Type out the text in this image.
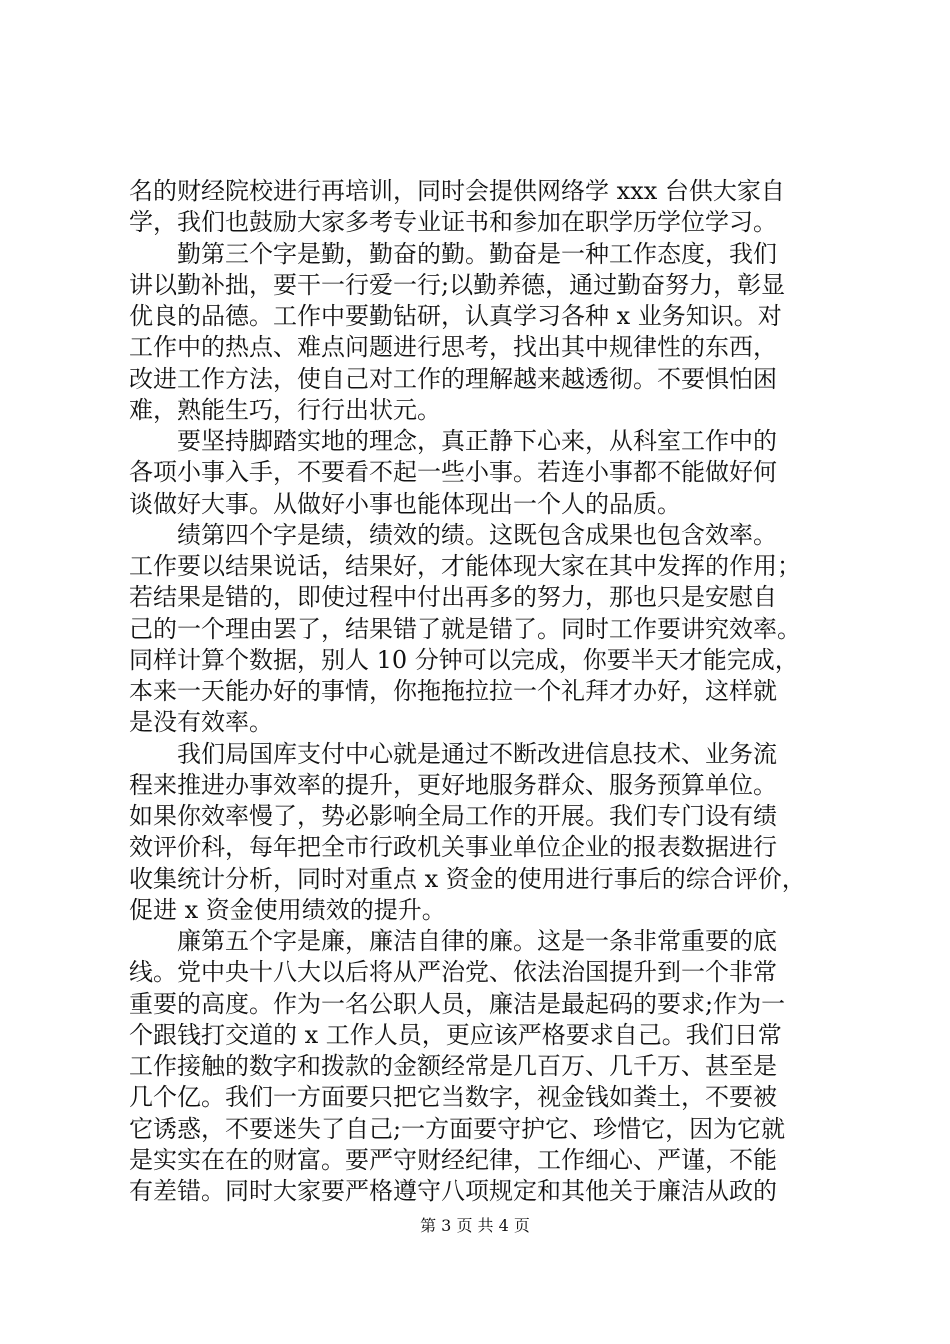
名的财经院校进行再培训，同时会提供网络学 xxx 台供大家自
学，我们也鼓励大家多考专业证书和参加在职学历学位学习。
　　勤第三个字是勤，勤奋的勤。勤奋是一种工作态度，我们
讲以勤补拙，要干一行爱一行;以勤养德，通过勤奋努力，彰显
优良的品德。工作中要勤钻研，认真学习各种 x 业务知识。对
工作中的热点、难点问题进行思考，找出其中规律性的东西，
改进工作方法，使自己对工作的理解越来越透彻。不要惧怕困
难，熟能生巧，行行出状元。
　　要坚持脚踏实地的理念，真正静下心来，从科室工作中的
各项小事入手，不要看不起一些小事。若连小事都不能做好何
谈做好大事。从做好小事也能体现出一个人的品质。
　　绩第四个字是绩，绩效的绩。这既包含成果也包含效率。
工作要以结果说话，结果好，才能体现大家在其中发挥的作用；
若结果是错的，即使过程中付出再多的努力，那也只是安慰自
己的一个理由罢了，结果错了就是错了。同时工作要讲究效率。
同样计算个数据，别人 10 分钟可以完成，你要半天才能完成，
本来一天能办好的事情，你拖拖拉拉一个礼拜才办好，这样就
是没有效率。
　　我们局国库支付中心就是通过不断改进信息技术、业务流
程来推进办事效率的提升，更好地服务群众、服务预算单位。
如果你效率慢了，势必影响全局工作的开展。我们专门设有绩
效评价科，每年把全市行政机关事业单位企业的报表数据进行
收集统计分析，同时对重点 x 资金的使用进行事后的综合评价，
促进 x 资金使用绩效的提升。
　　廉第五个字是廉，廉洁自律的廉。这是一条非常重要的底
线。党中央十八大以后将从严治党、依法治国提升到一个非常
重要的高度。作为一名公职人员，廉洁是最起码的要求;作为一
个跟钱打交道的 x 工作人员，更应该严格要求自己。我们日常
工作接触的数字和拨款的金额经常是几百万、几千万、甚至是
几个亿。我们一方面要只把它当数字，视金钱如粪土，不要被
它诱惑，不要迷失了自己;一方面要守护它、珍惜它，因为它就
是实实在在的财富。要严守财经纪律，工作细心、严谨，不能
有差错。同时大家要严格遵守八项规定和其他关于廉洁从政的
第 3 页 共 4 页
